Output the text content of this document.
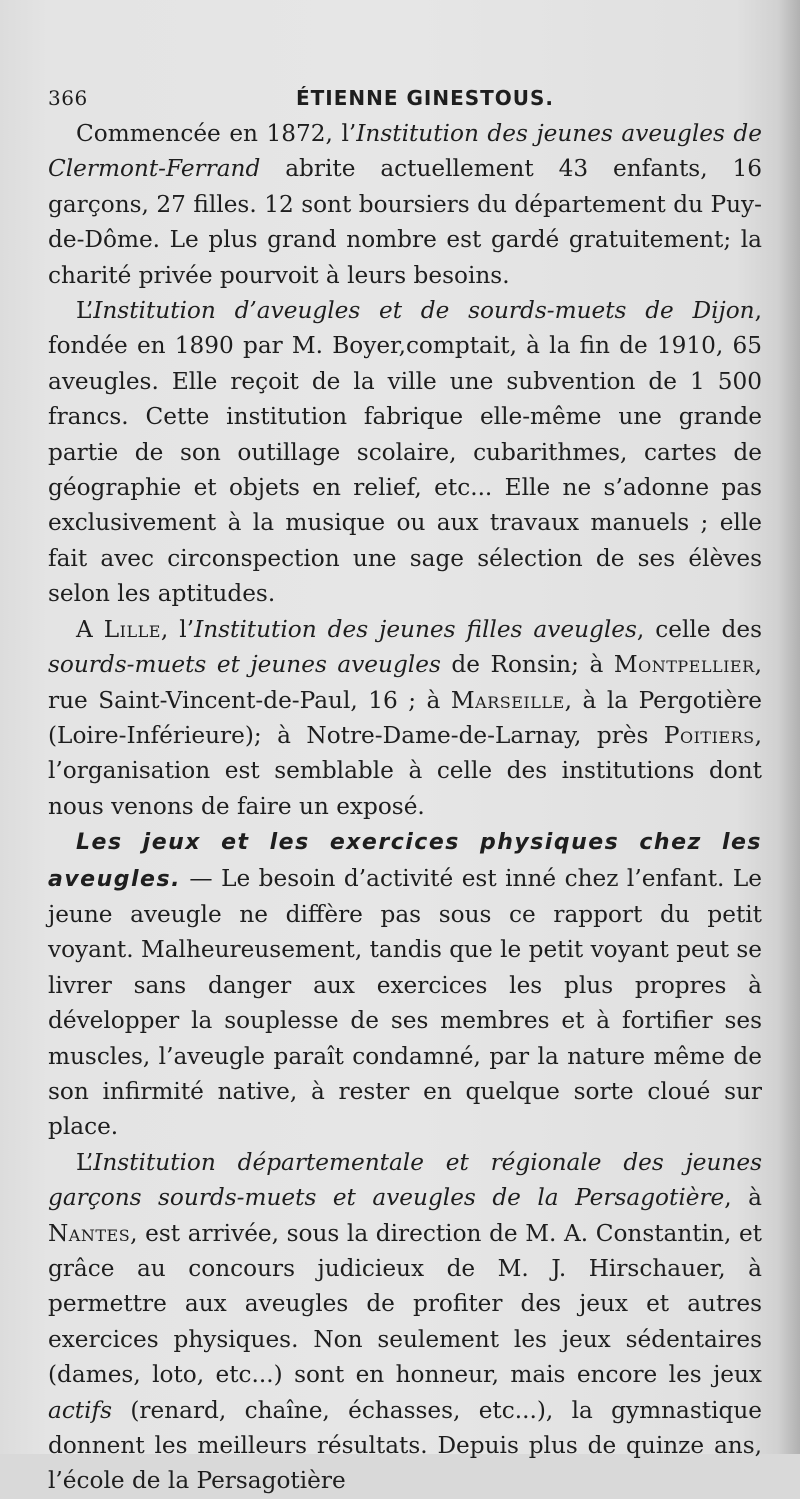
366	ÉTIENNE GINESTOUS.

Commencée en 1872, l’Institution des jeunes aveugles de Clermont-Ferrand abrite actuellement 43 enfants, 16 garçons, 27 filles. 12 sont boursiers du département du Puy-de-Dôme. Le plus grand nombre est gardé gratuitement; la charité privée pourvoit à leurs besoins.

L’Institution d’aveugles et de sourds-muets de Dijon, fondée en 1890 par M. Boyer,comptait, à la fin de 1910, 65 aveugles. Elle reçoit de la ville une subvention de 1 500 francs. Cette institution fabrique elle-même une grande partie de son outillage scolaire, cubarithmes, cartes de géographie et objets en relief, etc... Elle ne s’adonne pas exclusivement à la musique ou aux travaux manuels ; elle fait avec circonspection une sage sélection de ses élèves selon les aptitudes.

A Lille, l’Institution des jeunes filles aveugles, celle des sourds-muets et jeunes aveugles de Ronsin; à Montpellier, rue Saint-Vincent-de-Paul, 16 ; à Marseille, à la Pergotière (Loire-Inférieure); à Notre-Dame-de-Larnay, près Poitiers, l’organisation est semblable à celle des institutions dont nous venons de faire un exposé.

Les jeux et les exercices physiques chez les aveugles. — Le besoin d’activité est inné chez l’enfant. Le jeune aveugle ne diffère pas sous ce rapport du petit voyant. Malheureusement, tandis que le petit voyant peut se livrer sans danger aux exercices les plus propres à développer la souplesse de ses membres et à fortifier ses muscles, l’aveugle paraît condamné, par la nature même de son infirmité native, à rester en quelque sorte cloué sur place.

L’Institution départementale et régionale des jeunes garçons sourds-muets et aveugles de la Persagotière, à Nantes, est arrivée, sous la direction de M. A. Constantin, et grâce au concours judicieux de M. J. Hirschauer, à permettre aux aveugles de profiter des jeux et autres exercices physiques. Non seulement les jeux sédentaires (dames, loto, etc...) sont en honneur, mais encore les jeux actifs (renard, chaîne, échasses, etc...), la gymnastique donnent les meilleurs résultats. Depuis plus de quinze ans, l’école de la Persagotière
